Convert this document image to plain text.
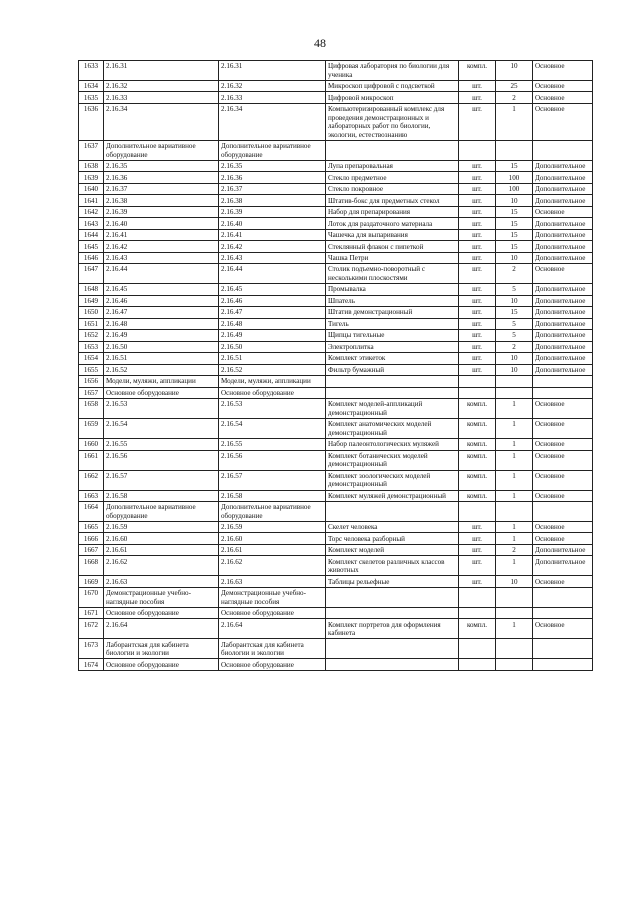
48
1633	2.16.31	2.16.31	Цифровая лаборатория по биологии для ученика	компл.	10	Основное
1634	2.16.32	2.16.32	Микроскоп цифровой с подсветкой	шт.	25	Основное
1635	2.16.33	2.16.33	Цифровой микроскоп	шт.	2	Основное
1636	2.16.34	2.16.34	Компьютеризированный комплекс для проведения демонстрационных и лабораторных работ по биологии, экологии, естествознанию	шт.	1	Основное
1637	Дополнительное вариативное оборудование	Дополнительное вариативное оборудование				
1638	2.16.35	2.16.35	Лупа препаровальная	шт.	15	Дополнительное
1639	2.16.36	2.16.36	Стекло предметное	шт.	100	Дополнительное
1640	2.16.37	2.16.37	Стекло покровное	шт.	100	Дополнительное
1641	2.16.38	2.16.38	Штатив-бокс для предметных стекол	шт.	10	Дополнительное
1642	2.16.39	2.16.39	Набор для препарирования	шт.	15	Основное
1643	2.16.40	2.16.40	Лоток для раздаточного материала	шт.	15	Дополнительное
1644	2.16.41	2.16.41	Чашечка для выпаривания	шт.	15	Дополнительное
1645	2.16.42	2.16.42	Стеклянный флакон с пипеткой	шт.	15	Дополнительное
1646	2.16.43	2.16.43	Чашка Петри	шт.	10	Дополнительное
1647	2.16.44	2.16.44	Столик подъемно-поворотный с несколькими плоскостями	шт.	2	Основное
1648	2.16.45	2.16.45	Промывалка	шт.	5	Дополнительное
1649	2.16.46	2.16.46	Шпатель	шт.	10	Дополнительное
1650	2.16.47	2.16.47	Штатив демонстрационный	шт.	15	Дополнительное
1651	2.16.48	2.16.48	Тигель	шт.	5	Дополнительное
1652	2.16.49	2.16.49	Щипцы тигельные	шт.	5	Дополнительное
1653	2.16.50	2.16.50	Электроплитка	шт.	2	Дополнительное
1654	2.16.51	2.16.51	Комплект этикеток	шт.	10	Дополнительное
1655	2.16.52	2.16.52	Фильтр бумажный	шт.	10	Дополнительное
1656	Модели, муляжи, аппликации	Модели, муляжи, аппликации				
1657	Основное оборудование	Основное оборудование				
1658	2.16.53	2.16.53	Комплект моделей-аппликаций демонстрационный	компл.	1	Основное
1659	2.16.54	2.16.54	Комплект анатомических моделей демонстрационный	компл.	1	Основное
1660	2.16.55	2.16.55	Набор палеонтологических муляжей	компл.	1	Основное
1661	2.16.56	2.16.56	Комплект ботанических моделей демонстрационный	компл.	1	Основное
1662	2.16.57	2.16.57	Комплект зоологических моделей демонстрационный	компл.	1	Основное
1663	2.16.58	2.16.58	Комплект муляжей демонстрационный	компл.	1	Основное
1664	Дополнительное вариативное оборудование	Дополнительное вариативное оборудование				
1665	2.16.59	2.16.59	Скелет человека	шт.	1	Основное
1666	2.16.60	2.16.60	Торс человека разборный	шт.	1	Основное
1667	2.16.61	2.16.61	Комплект моделей	шт.	2	Дополнительное
1668	2.16.62	2.16.62	Комплект скелетов различных классов животных	шт.	1	Дополнительное
1669	2.16.63	2.16.63	Таблицы рельефные	шт.	10	Основное
1670	Демонстрационные учебно-наглядные пособия	Демонстрационные учебно-наглядные пособия				
1671	Основное оборудование	Основное оборудование				
1672	2.16.64	2.16.64	Комплект портретов для оформления кабинета	компл.	1	Основное
1673	Лаборантская для кабинета биологии и экологии	Лаборантская для кабинета биологии и экологии				
1674	Основное оборудование	Основное оборудование				
